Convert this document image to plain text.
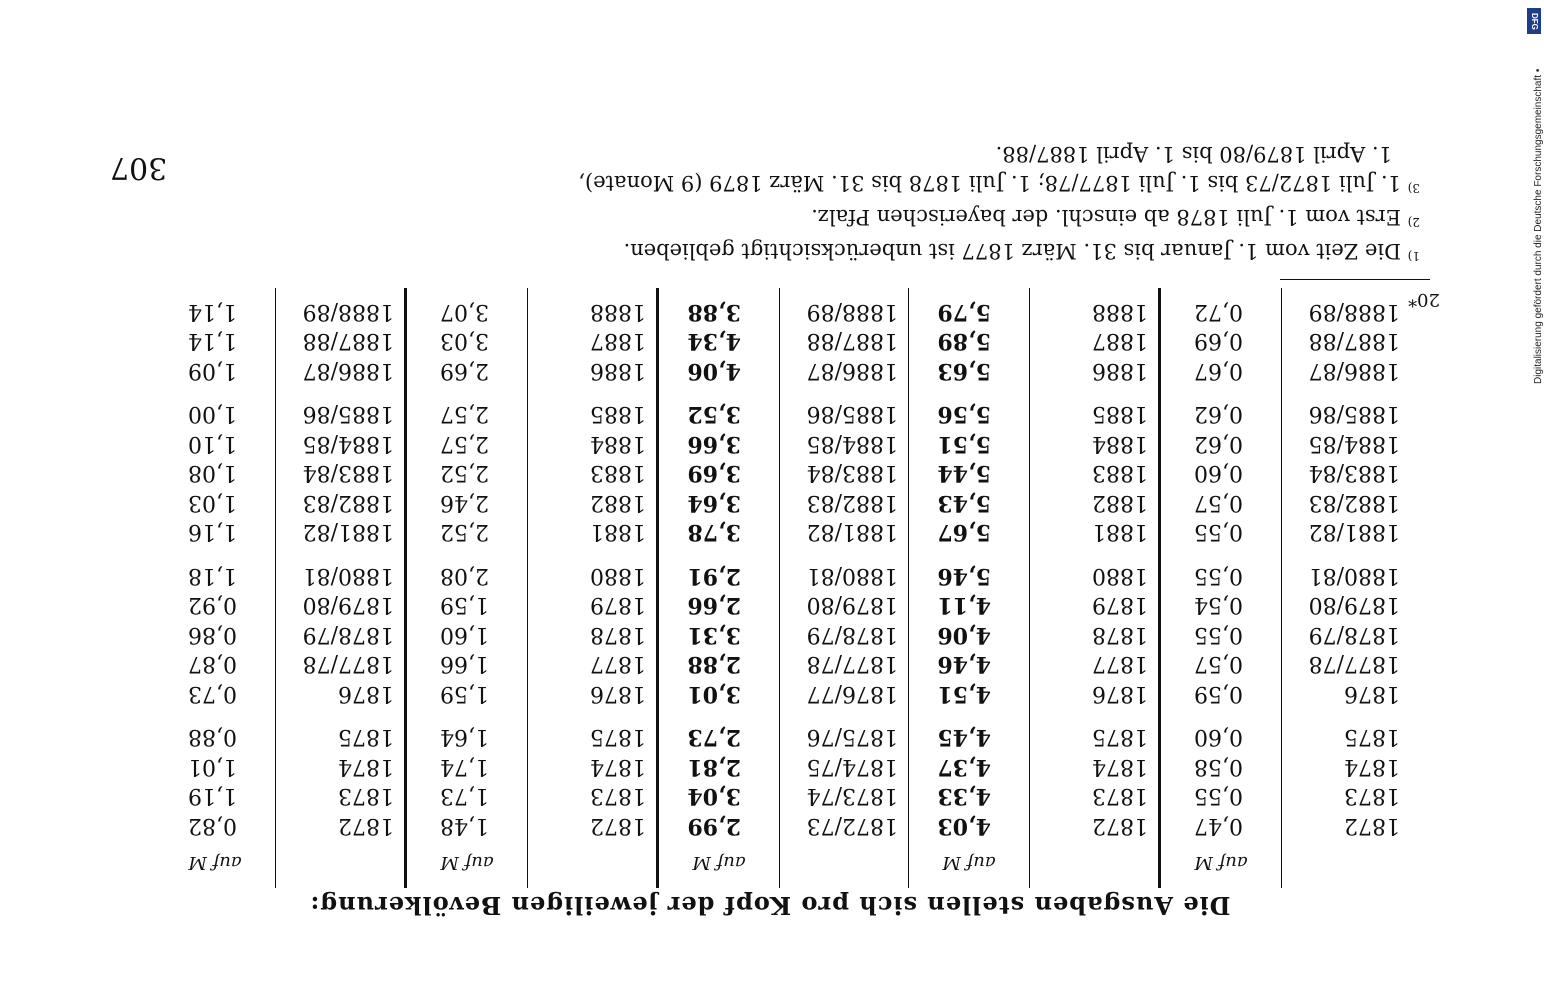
DFG
Digitalisierung gefördert durch die Deutsche Forschungsgemeinschaft •
307
20*
Die Ausgaben stellen sich pro Kopf der jeweiligen Bevölkerung:
1872
1873
1874
1875
1876
1877/78
1878/79
1879/80
1880/81
1881/82
1882/83
1883/84
1884/85
1885/86
1886/87
1887/88
1888/89
auf M
0,47
0,55
0,58
0,60
0,59
0,57
0,55
0,54
0,55
0,55
0,57
0,60
0,62
0,62
0,67
0,69
0,72
1872
1873
1874
1875
1876
1877
1878
1879
1880
1881
1882
1883
1884
1885
1886
1887
1888
auf M
4,03
4,33
4,37
4,45
4,51
4,46
4,06
4,11
5,46
5,67
5,43
5,44
5,51
5,56
5,63
5,89
5,79
1872/73
1873/74
1874/75
1875/76
1876/77
1877/78
1878/79
1879/80
1880/81
1881/82
1882/83
1883/84
1884/85
1885/86
1886/87
1887/88
1888/89
auf M
2,99
3,04
2,81
2,73
3,01
2,88
3,31
2,66
2,91
3,78
3,64
3,69
3,66
3,52
4,06
4,34
3,88
1872
1873
1874
1875
1876
1877
1878
1879
1880
1881
1882
1883
1884
1885
1886
1887
1888
auf M
1,48
1,73
1,74
1,64
1,59
1,66
1,60
1,59
2,08
2,52
2,46
2,52
2,57
2,57
2,69
3,03
3,07
1872
1873
1874
1875
1876
1877/78
1878/79
1879/80
1880/81
1881/82
1882/83
1883/84
1884/85
1885/86
1886/87
1887/88
1888/89
auf M
0,82
1,19
1,01
0,88
0,73
0,87
0,86
0,92
1,18
1,16
1,03
1,08
1,10
1,00
1,09
1,14
1,14
$^{1)}$ Die Zeit vom 1. Januar bis 31. März 1877 ist unberücksichtigt geblieben.
$^{2)}$ Erst vom 1. Juli 1878 ab einschl. der bayerischen Pfalz.
$^{3)}$ 1. Juli 1872/73 bis 1. Juli 1877/78; 1. Juli 1878 bis 31. März 1879 (9 Monate),
1. April 1879/80 bis 1. April 1887/88.
